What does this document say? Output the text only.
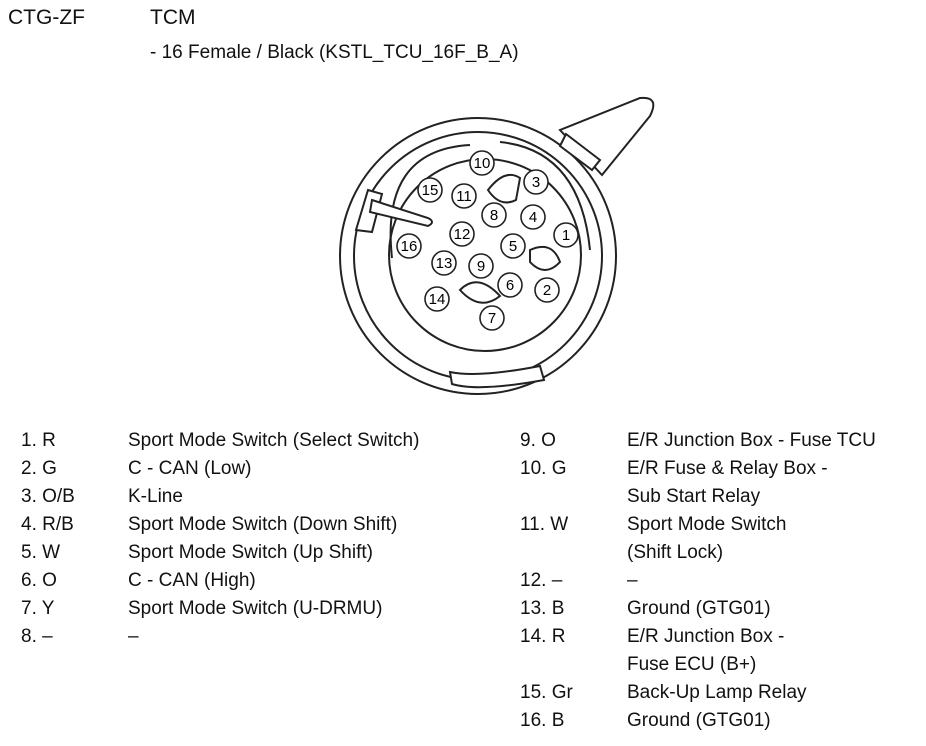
CTG-ZF	TCM
- 16 Female / Black (KSTL_TCU_16F_B_A)
1
2
3
4
5
6
7
8
9
10
11
12
13
14
15
16
1. R	Sport Mode Switch (Select Switch)
2. G	C - CAN (Low)
3. O/B	K-Line
4. R/B	Sport Mode Switch (Down Shift)
5. W	Sport Mode Switch (Up Shift)
6. O	C - CAN (High)
7. Y	Sport Mode Switch (U-DRMU)
8. –	–
9. O	E/R Junction Box - Fuse TCU
10. G	E/R Fuse & Relay Box -
Sub Start Relay
11. W	Sport Mode Switch
(Shift Lock)
12. –	–
13. B	Ground (GTG01)
14. R	E/R Junction Box -
Fuse ECU (B+)
15. Gr	Back-Up Lamp Relay
16. B	Ground (GTG01)
